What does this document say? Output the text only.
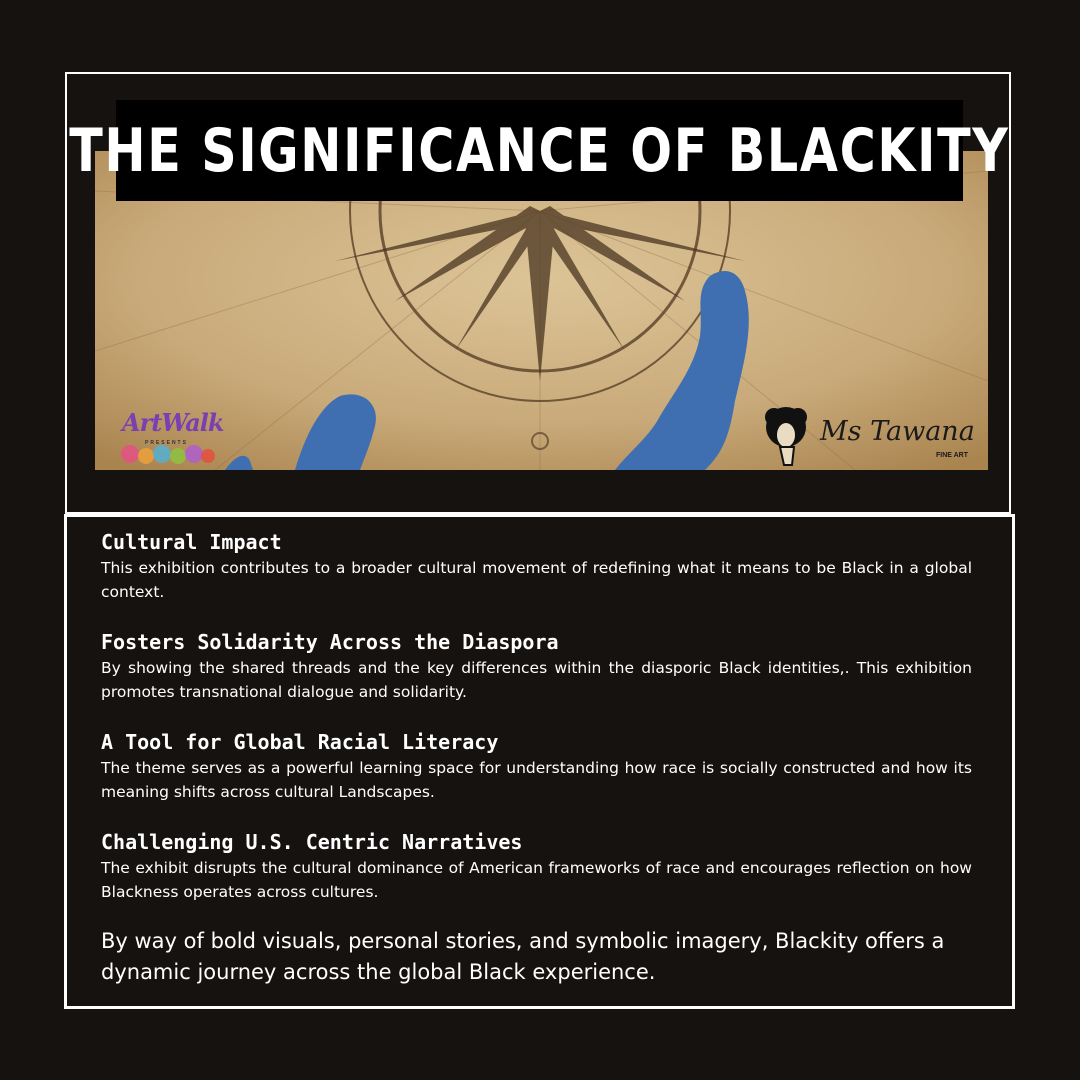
THE SIGNIFICANCE OF BLACKITY
ArtWalk
PRESENTS	Ms Tawana
FINE ART
Cultural Impact
This exhibition contributes to a broader cultural movement of redefining what it means to be Black in a global context.
Fosters Solidarity Across the Diaspora
By showing the shared threads and the key differences within the diasporic Black identities,. This exhibition promotes transnational dialogue and solidarity.
A Tool for Global Racial Literacy
The theme serves as a powerful learning space for understanding how race is socially constructed and how its meaning shifts across cultural Landscapes.
Challenging U.S. Centric Narratives
The exhibit disrupts the cultural dominance of American frameworks of race and encourages reflection on how Blackness operates across cultures.
By way of bold visuals, personal stories, and symbolic imagery, Blackity offers a dynamic journey across the global Black experience.
